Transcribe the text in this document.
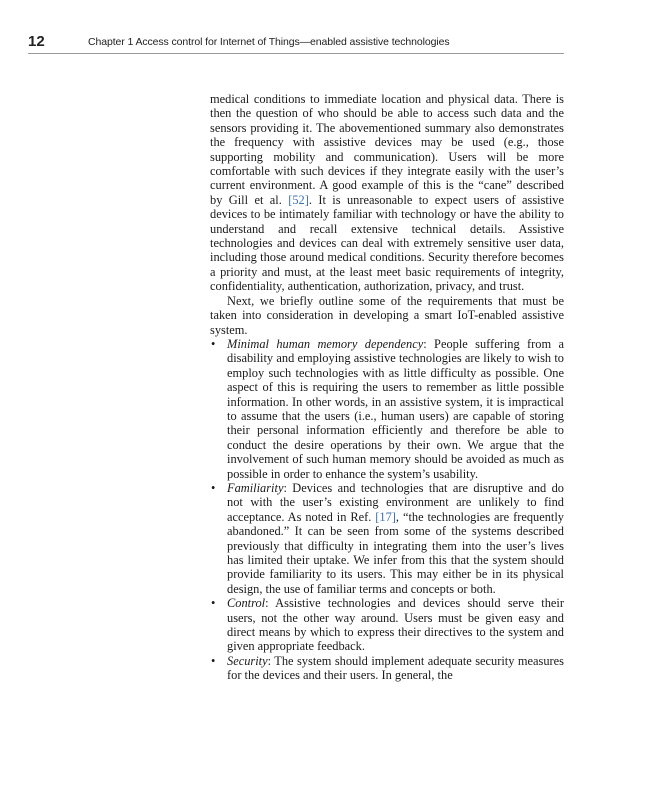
12	Chapter 1 Access control for Internet of Things—enabled assistive technologies

medical conditions to immediate location and physical data. There is then the question of who should be able to access such data and the sensors providing it. The abovementioned summary also demonstrates the frequency with assistive devices may be used (e.g., those supporting mobility and communication). Users will be more comfortable with such devices if they integrate easily with the user’s current environment. A good example of this is the “cane” described by Gill et al. [52]. It is unreasonable to expect users of assistive devices to be intimately familiar with technology or have the ability to understand and recall extensive technical details. Assistive technologies and devices can deal with extremely sensitive user data, including those around medical conditions. Security therefore becomes a priority and must, at the least meet basic requirements of integrity, confidentiality, authentication, authorization, privacy, and trust.

Next, we briefly outline some of the requirements that must be taken into consideration in developing a smart IoT-enabled assistive system.

• Minimal human memory dependency: People suffering from a disability and employing assistive technologies are likely to wish to employ such technologies with as little difficulty as possible. One aspect of this is requiring the users to remember as little possible information. In other words, in an assistive system, it is impractical to assume that the users (i.e., human users) are capable of storing their personal information efficiently and therefore be able to conduct the desire operations by their own. We argue that the involvement of such human memory should be avoided as much as possible in order to enhance the system’s usability.
• Familiarity: Devices and technologies that are disruptive and do not with the user’s existing environment are unlikely to find acceptance. As noted in Ref. [17], “the technologies are frequently abandoned.” It can be seen from some of the systems described previously that difficulty in integrating them into the user’s lives has limited their uptake. We infer from this that the system should provide familiarity to its users. This may either be in its physical design, the use of familiar terms and concepts or both.
• Control: Assistive technologies and devices should serve their users, not the other way around. Users must be given easy and direct means by which to express their directives to the system and given appropriate feedback.
• Security: The system should implement adequate security measures for the devices and their users. In general, the
